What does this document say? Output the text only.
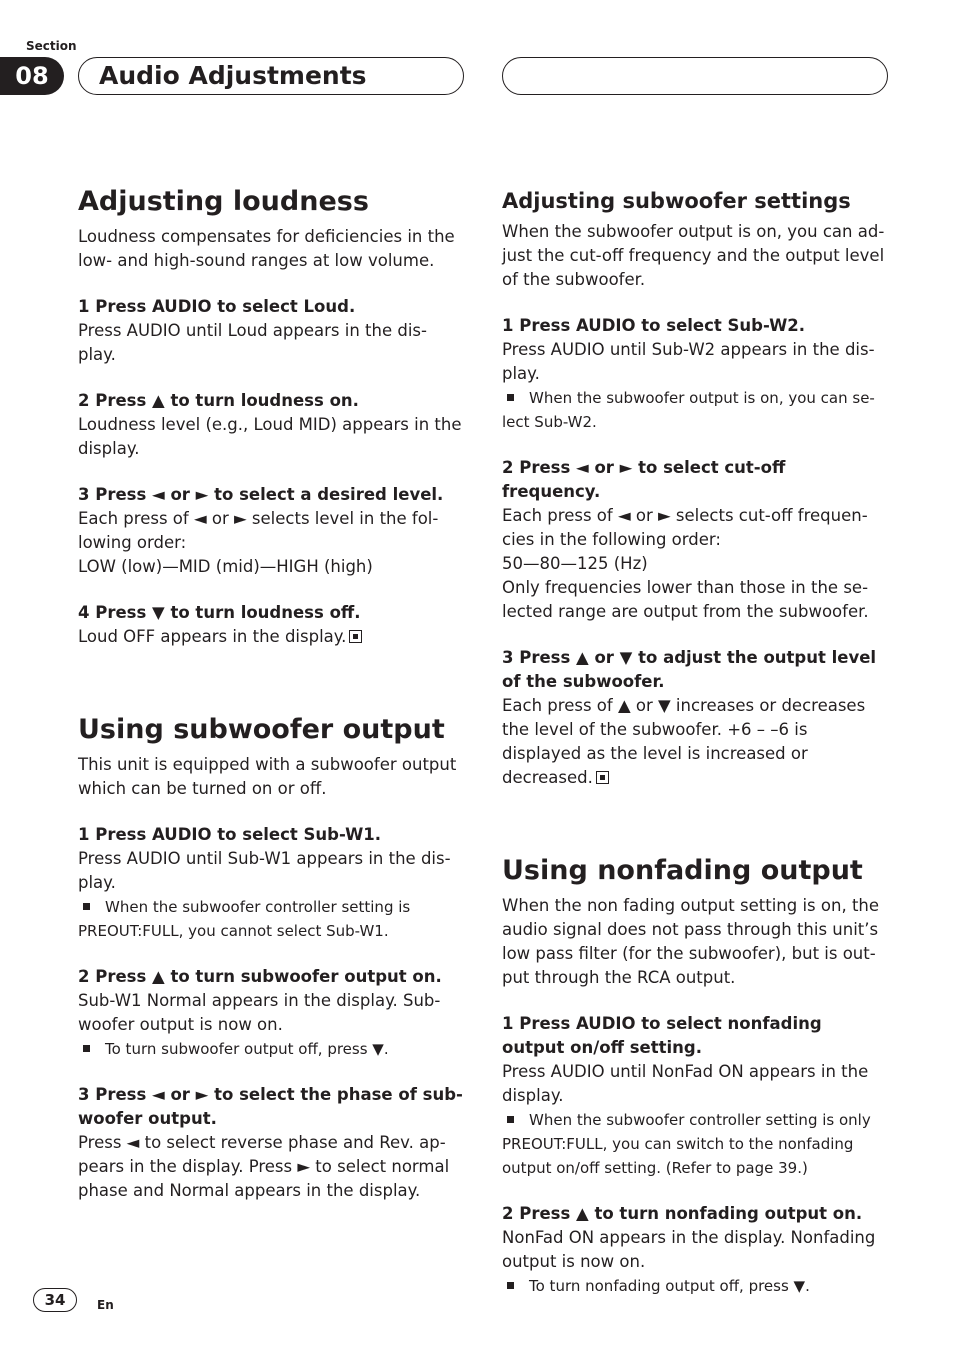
Section
08	Audio Adjustments
Adjusting loudness

Loudness compensates for deficiencies in the low- and high-sound ranges at low volume.

1 Press AUDIO to select Loud.

Press AUDIO until Loud appears in the dis-play.

2 Press ▲ to turn loudness on.

Loudness level (e.g., Loud MID) appears in the display.

3 Press ◄ or ► to select a desired level.

Each press of ◄ or ► selects level in the fol-lowing order:

LOW (low)—MID (mid)—HIGH (high)

4 Press ▼ to turn loudness off.

Loud OFF appears in the display.

Using subwoofer output

This unit is equipped with a subwoofer output which can be turned on or off.

1 Press AUDIO to select Sub-W1.

Press AUDIO until Sub-W1 appears in the dis-play.

When the subwoofer controller setting is PREOUT:FULL, you cannot select Sub-W1.

2 Press ▲ to turn subwoofer output on.

Sub-W1 Normal appears in the display. Sub-woofer output is now on.

To turn subwoofer output off, press ▼.

3 Press ◄ or ► to select the phase of sub-woofer output.

Press ◄ to select reverse phase and Rev. ap-pears in the display. Press ► to select normal phase and Normal appears in the display.

Adjusting subwoofer settings

When the subwoofer output is on, you can ad-just the cut-off frequency and the output level of the subwoofer.

1 Press AUDIO to select Sub-W2.

Press AUDIO until Sub-W2 appears in the dis-play.

When the subwoofer output is on, you can se-lect Sub-W2.

2 Press ◄ or ► to select cut-off frequency.

Each press of ◄ or ► selects cut-off frequen-cies in the following order:

50—80—125 (Hz)

Only frequencies lower than those in the se-lected range are output from the subwoofer.

3 Press ▲ or ▼ to adjust the output level of the subwoofer.

Each press of ▲ or ▼ increases or decreases the level of the subwoofer. +6 – –6 is displayed as the level is increased or decreased.

Using nonfading output

When the non fading output setting is on, the audio signal does not pass through this unit’s low pass filter (for the subwoofer), but is out-put through the RCA output.

1 Press AUDIO to select nonfading output on/off setting.

Press AUDIO until NonFad ON appears in the display.

When the subwoofer controller setting is only PREOUT:FULL, you can switch to the nonfading output on/off setting. (Refer to page 39.)

2 Press ▲ to turn nonfading output on.

NonFad ON appears in the display. Nonfading output is now on.

To turn nonfading output off, press ▼.

34	En
